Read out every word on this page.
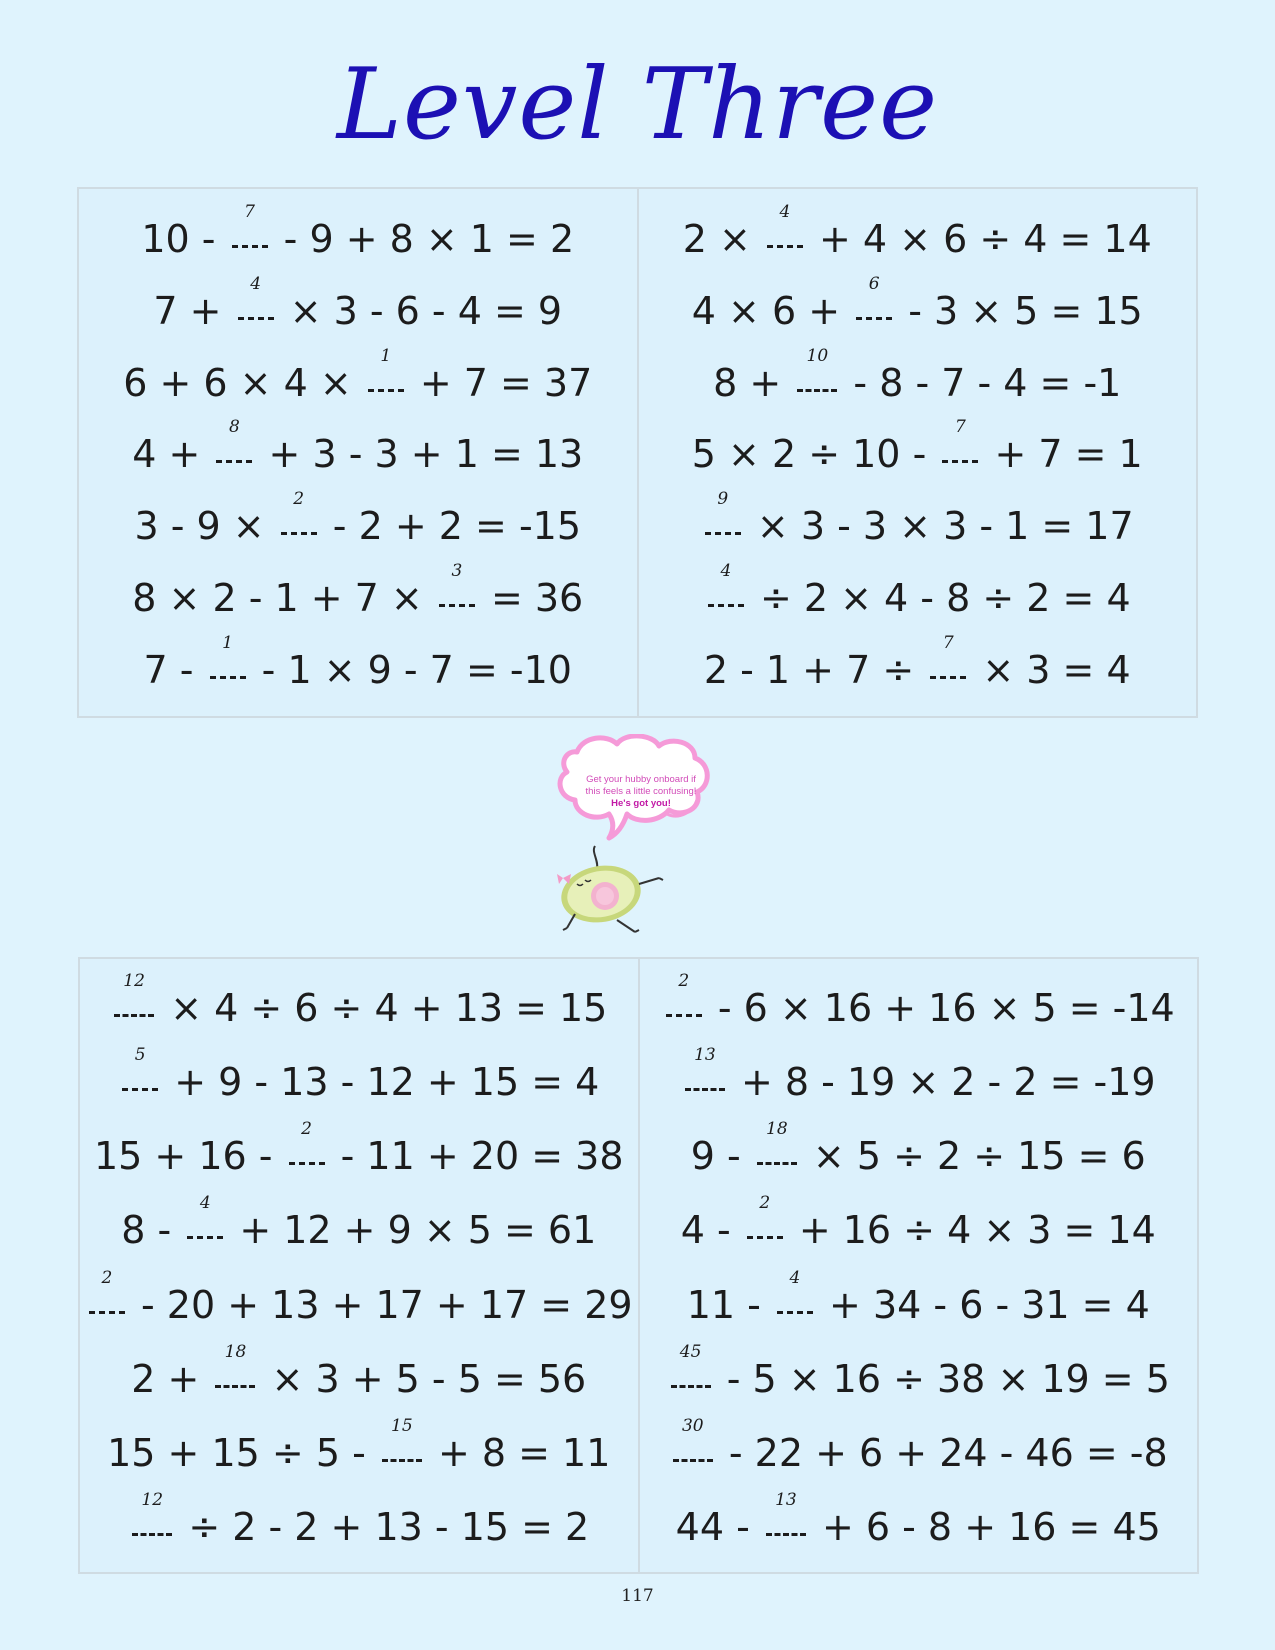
Level Three
10 -
7
- 9 + 8 × 1 = 2
7 +
4
× 3 - 6 - 4 = 9
6 + 6 × 4 ×
1
+ 7 = 37
4 +
8
+ 3 - 3 + 1 = 13
3 - 9 ×
2
- 2 + 2 = -15
8 × 2 - 1 + 7 ×
3
= 36
7 -
1
- 1 × 9 - 7 = -10
2 ×
4
+ 4 × 6 ÷ 4 = 14
4 × 6 +
6
- 3 × 5 = 15
8 +
10
- 8 - 7 - 4 = -1
5 × 2 ÷ 10 -
7
+ 7 = 1
9
× 3 - 3 × 3 - 1 = 17
4
÷ 2 × 4 - 8 ÷ 2 = 4
2 - 1 + 7 ÷
7
× 3 = 4
Get your hubby onboard if
this feels a little confusing!
He's got you!
12
× 4 ÷ 6 ÷ 4 + 13 = 15
5
+ 9 - 13 - 12 + 15 = 4
15 + 16 -
2
- 11 + 20 = 38
8 -
4
+ 12 + 9 × 5 = 61
2
- 20 + 13 + 17 + 17 = 29
2 +
18
× 3 + 5 - 5 = 56
15 + 15 ÷ 5 -
15
+ 8 = 11
12
÷ 2 - 2 + 13 - 15 = 2
2
- 6 × 16 + 16 × 5 = -14
13
+ 8 - 19 × 2 - 2 = -19
9 -
18
× 5 ÷ 2 ÷ 15 = 6
4 -
2
+ 16 ÷ 4 × 3 = 14
11 -
4
+ 34 - 6 - 31 = 4
45
- 5 × 16 ÷ 38 × 19 = 5
30
- 22 + 6 + 24 - 46 = -8
44 -
13
+ 6 - 8 + 16 = 45
117
